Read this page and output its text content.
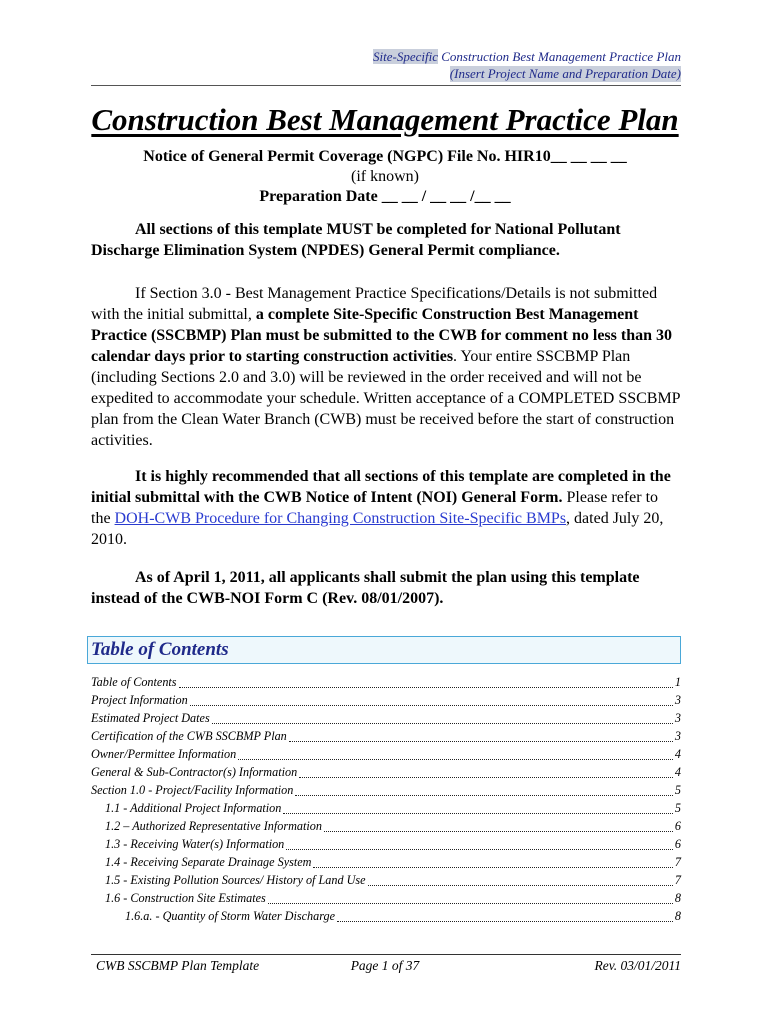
Site-Specific Construction Best Management Practice Plan
(Insert Project Name and Preparation Date)
Construction Best Management Practice Plan
Notice of General Permit Coverage (NGPC) File No. HIR10__ __ __ __
(if known)
Preparation Date __ __ / __ __ /__ __

All sections of this template MUST be completed for National Pollutant Discharge Elimination System (NPDES) General Permit compliance.

If Section 3.0 - Best Management Practice Specifications/Details is not submitted with the initial submittal, a complete Site-Specific Construction Best Management Practice (SSCBMP) Plan must be submitted to the CWB for comment no less than 30 calendar days prior to starting construction activities. Your entire SSCBMP Plan (including Sections 2.0 and 3.0) will be reviewed in the order received and will not be expedited to accommodate your schedule. Written acceptance of a COMPLETED SSCBMP plan from the Clean Water Branch (CWB) must be received before the start of construction activities.

It is highly recommended that all sections of this template are completed in the initial submittal with the CWB Notice of Intent (NOI) General Form. Please refer to the DOH-CWB Procedure for Changing Construction Site-Specific BMPs, dated July 20, 2010.

As of April 1, 2011, all applicants shall submit the plan using this template instead of the CWB-NOI Form C (Rev. 08/01/2007).

Table of Contents
Table of Contents	1
Project Information	3
Estimated Project Dates	3
Certification of the CWB SSCBMP Plan	3
Owner/Permittee Information	4
General & Sub-Contractor(s) Information	4
Section 1.0 - Project/Facility Information	5
1.1 - Additional Project Information	5
1.2 – Authorized Representative Information	6
1.3 - Receiving Water(s) Information	6
1.4 - Receiving Separate Drainage System	7
1.5 - Existing Pollution Sources/ History of Land Use	7
1.6 - Construction Site Estimates	8
1.6.a. - Quantity of Storm Water Discharge	8
CWB SSCBMP Plan Template	Page 1 of 37	Rev. 03/01/2011
